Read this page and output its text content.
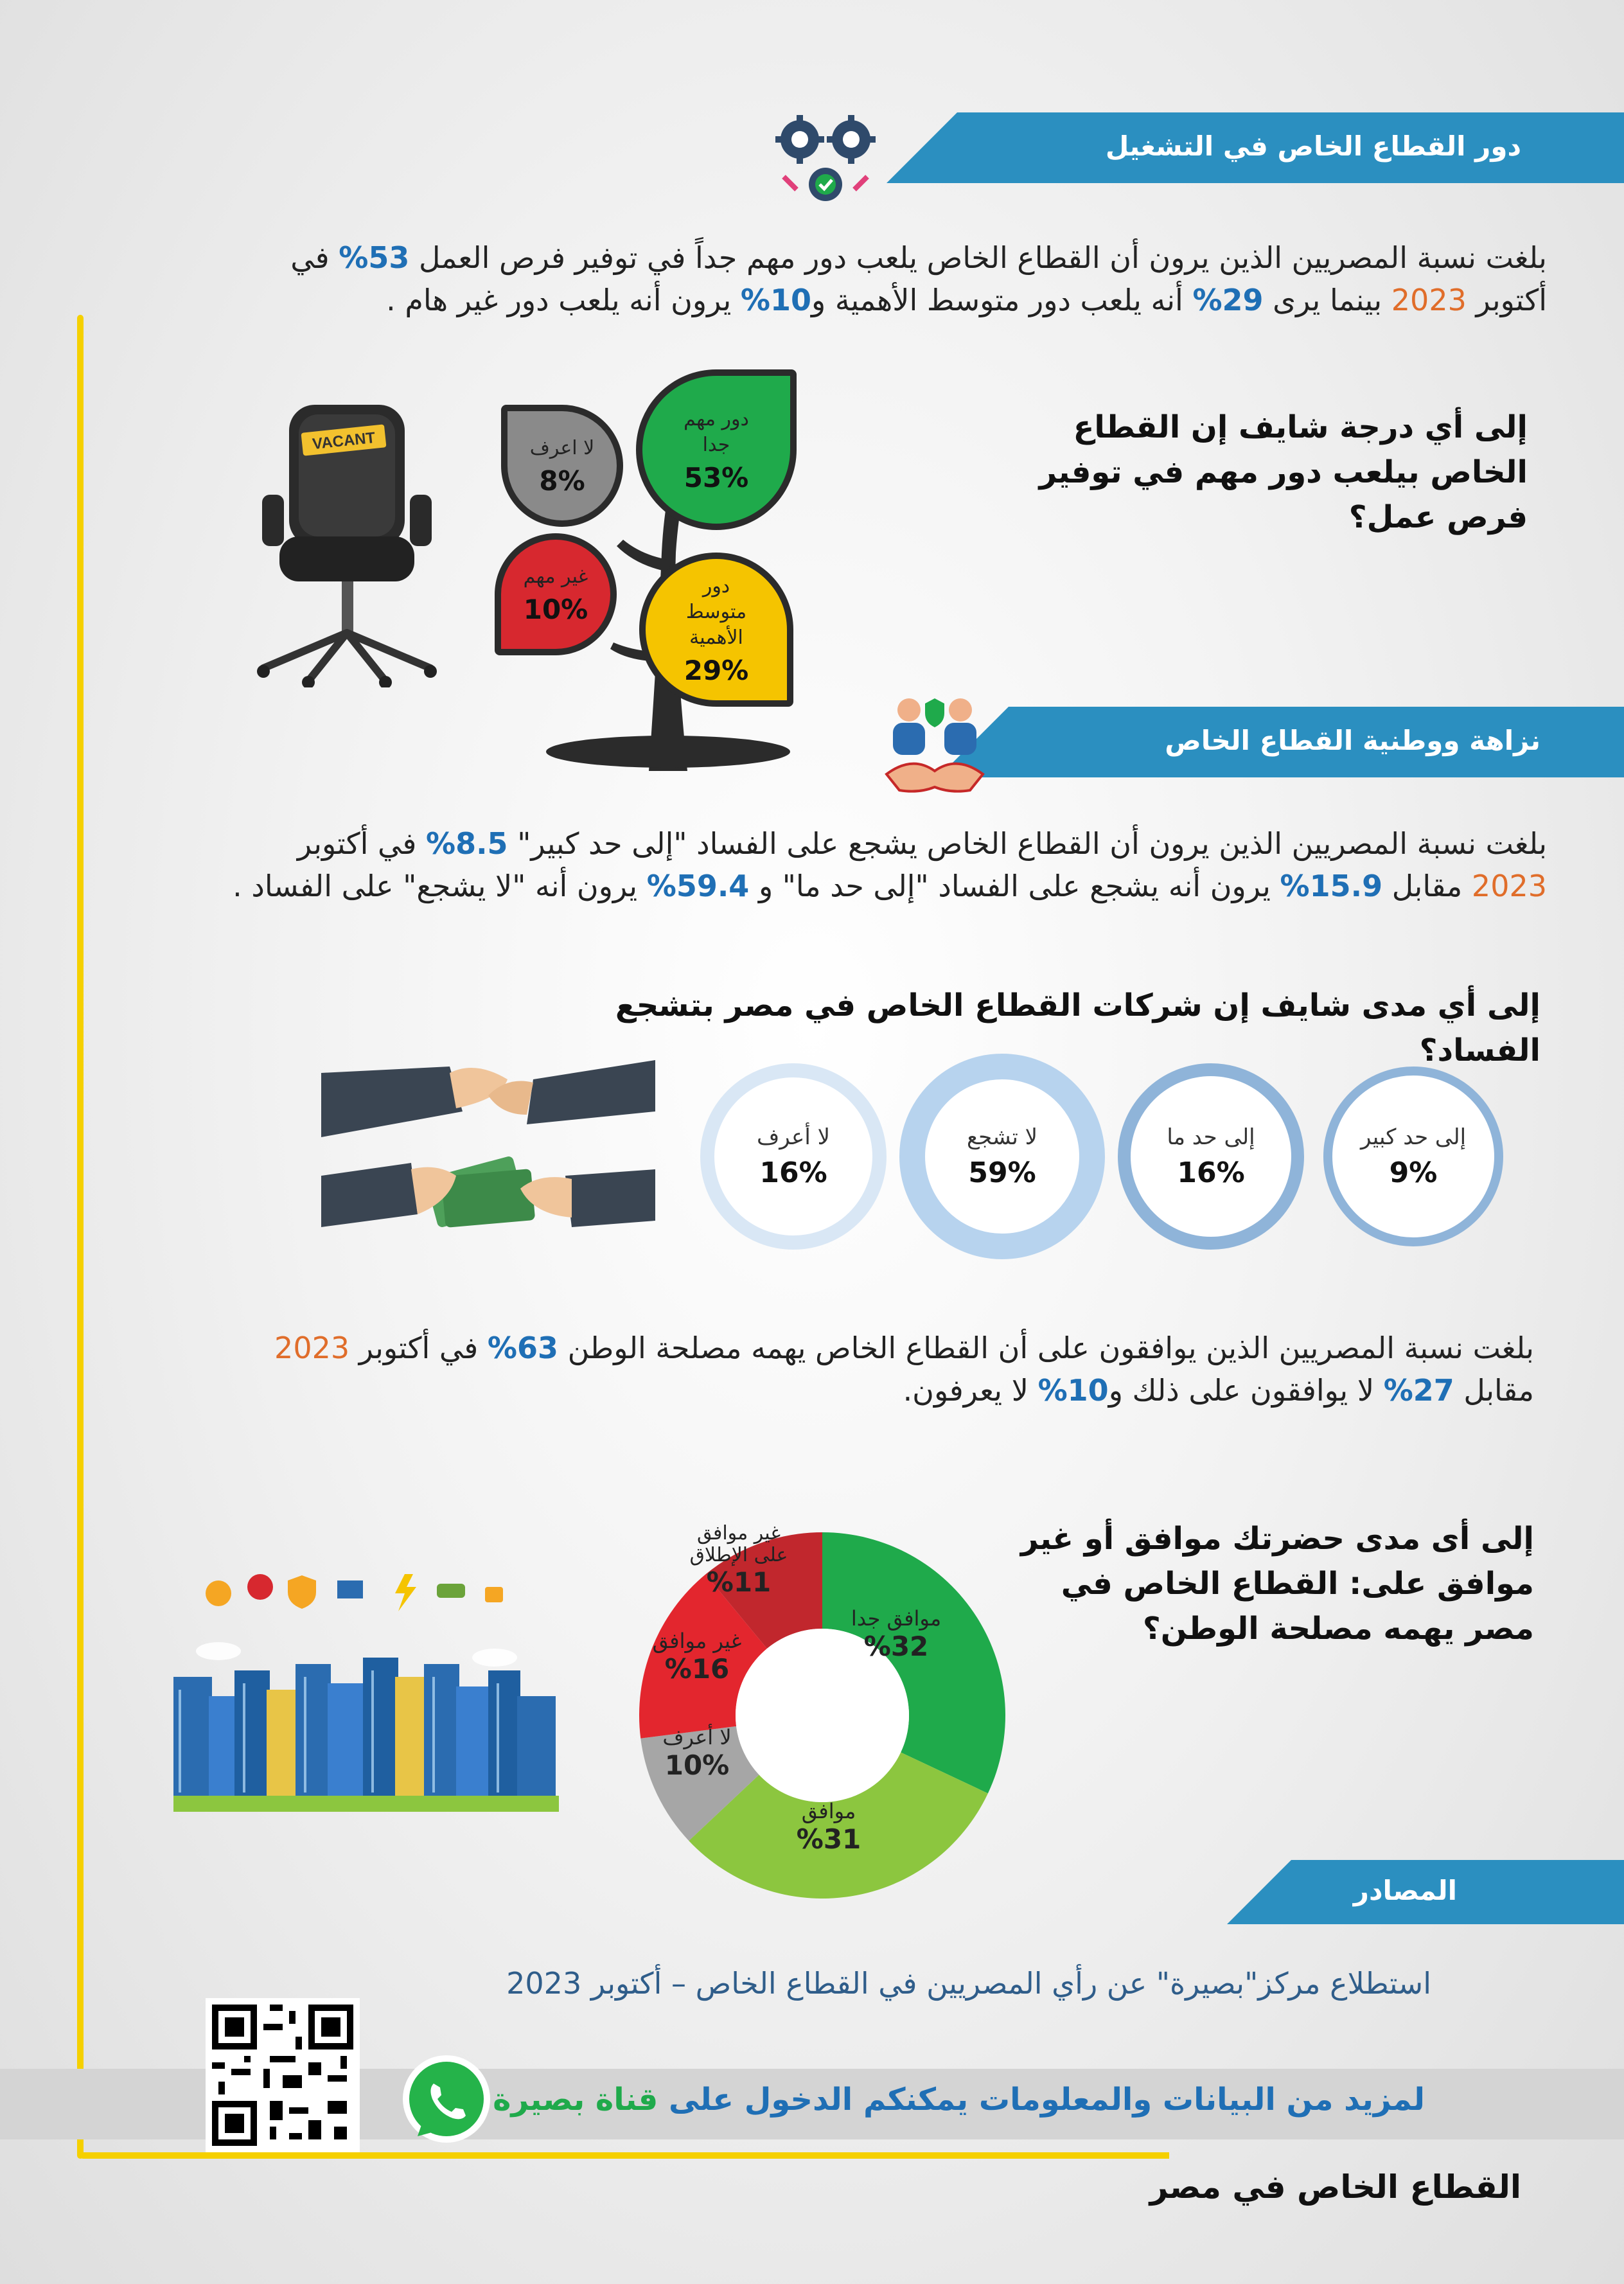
دور القطاع الخاص في التشغيل
بلغت نسبة المصريين الذين يرون أن القطاع الخاص يلعب دور مهم جداً في توفير فرص العمل 53% في
أكتوبر 2023 بينما يرى 29% أنه يلعب دور متوسط الأهمية و10% يرون أنه يلعب دور غير هام .
إلى أي درجة شايف إن القطاع الخاص بيلعب دور مهم في توفير فرص عمل؟
VACANT
دور مهم جدا
53%
لا اعرف
8%
غير مهم
10%
دور متوسط الأهمية
29%
نزاهة ووطنية القطاع الخاص
بلغت نسبة المصريين الذين يرون أن القطاع الخاص يشجع على الفساد "إلى حد كبير" 8.5% في أكتوبر
2023 مقابل 15.9% يرون أنه يشجع على الفساد "إلى حد ما" و 59.4% يرون أنه "لا يشجع" على الفساد .
إلى أي مدى شايف إن شركات القطاع الخاص في مصر بتشجع الفساد؟
إلى حد كبير
9%
إلى حد ما
16%
لا تشجع
59%
لا أعرف
16%
بلغت نسبة المصريين الذين يوافقون على أن القطاع الخاص يهمه مصلحة الوطن 63% في أكتوبر 2023
مقابل 27% لا يوافقون على ذلك و10% لا يعرفون.
إلى أى مدى حضرتك موافق أو غير موافق على: القطاع الخاص في مصر يهمه مصلحة الوطن؟
موافق جدا
%32
موافق
%31
لا أعرف
10%
غير موافق
%16
غير موافق على الإطلاق
%11
المصادر
استطلاع مركز"بصيرة" عن رأي المصريين في القطاع الخاص – أكتوبر 2023
لمزيد من البيانات والمعلومات يمكنكم الدخول على قناة بصيرة
القطاع الخاص في مصر
